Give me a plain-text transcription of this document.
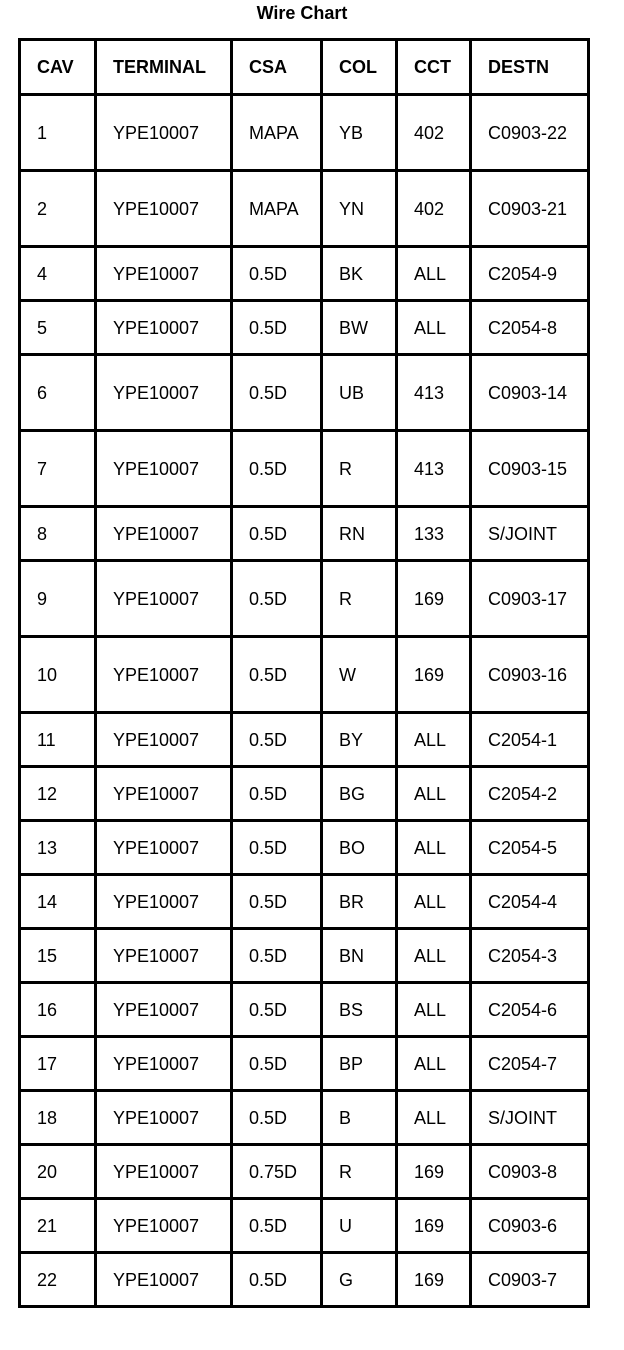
Wire Chart
CAV	TERMINAL	CSA	COL	CCT	DESTN
1	YPE10007	MAPA	YB	402	C0903-22
2	YPE10007	MAPA	YN	402	C0903-21
4	YPE10007	0.5D	BK	ALL	C2054-9
5	YPE10007	0.5D	BW	ALL	C2054-8
6	YPE10007	0.5D	UB	413	C0903-14
7	YPE10007	0.5D	R	413	C0903-15
8	YPE10007	0.5D	RN	133	S/JOINT
9	YPE10007	0.5D	R	169	C0903-17
10	YPE10007	0.5D	W	169	C0903-16
11	YPE10007	0.5D	BY	ALL	C2054-1
12	YPE10007	0.5D	BG	ALL	C2054-2
13	YPE10007	0.5D	BO	ALL	C2054-5
14	YPE10007	0.5D	BR	ALL	C2054-4
15	YPE10007	0.5D	BN	ALL	C2054-3
16	YPE10007	0.5D	BS	ALL	C2054-6
17	YPE10007	0.5D	BP	ALL	C2054-7
18	YPE10007	0.5D	B	ALL	S/JOINT
20	YPE10007	0.75D	R	169	C0903-8
21	YPE10007	0.5D	U	169	C0903-6
22	YPE10007	0.5D	G	169	C0903-7
